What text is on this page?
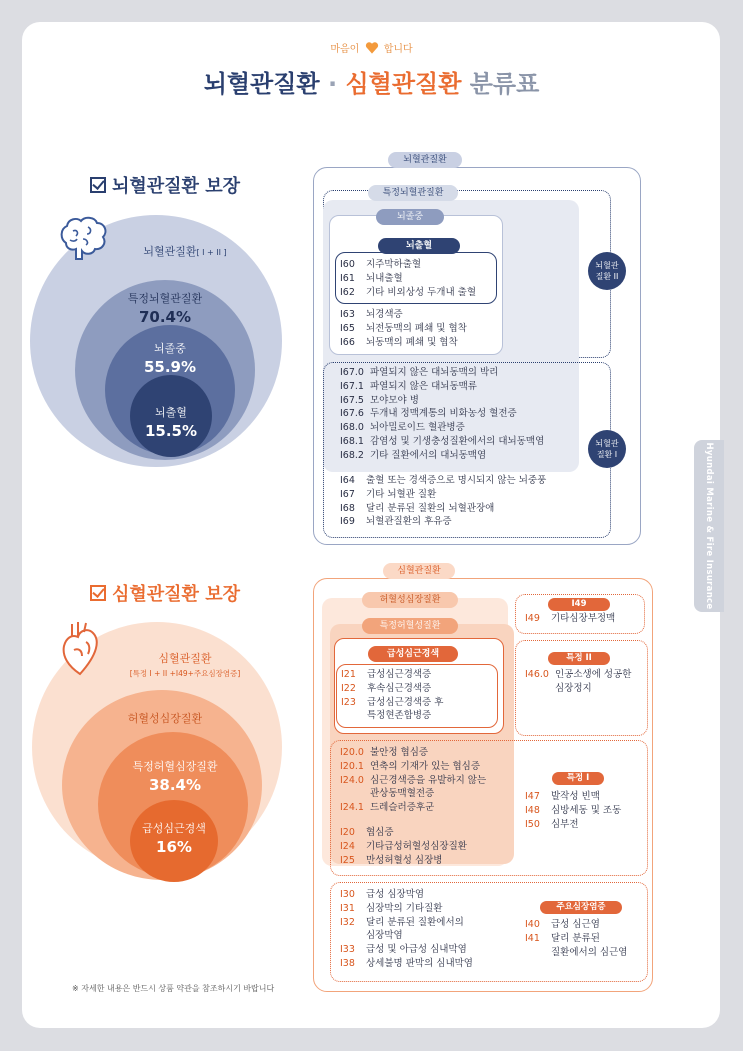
Hyundai Marine & Fire Insurance
마음이 합니다
뇌혈관질환 · 심혈관질환 분류표
뇌혈관질환 보장
뇌혈관질환[ I + II ]
특정뇌혈관질환
70.4%
뇌졸중
55.9%
뇌출혈
15.5%
뇌혈관질환
특정뇌혈관질환
뇌졸중
뇌출혈
I60 지주막하출혈
I61 뇌내출혈
I62 기타 비외상성 두개내 출혈
I63 뇌경색증
I65 뇌전동맥의 폐쇄 및 협착
I66 뇌동맥의 폐쇄 및 협착
뇌혈관
질환 II
I67.0 파열되지 않은 대뇌동맥의 박리
I67.1 파열되지 않은 대뇌동맥류
I67.5 모야모야 병
I67.6 두개내 정맥계통의 비화농성 혈전증
I68.0 뇌아밀로이드 혈관병증
I68.1 감염성 및 기생충성질환에서의 대뇌동맥염
I68.2 기타 질환에서의 대뇌동맥염
I64 출혈 또는 경색증으로 명시되지 않는 뇌중풍
I67 기타 뇌혈관 질환
I68 달리 분류된 질환의 뇌혈관장애
I69 뇌혈관질환의 후유증
뇌혈관
질환 I
심혈관질환 보장
심혈관질환
[특정 I + II +I49+주요심장염증]
허혈성심장질환
특정허혈심장질환
38.4%
급성심근경색
16%
심혈관질환
허혈성심장질환
특정허혈성질환
급성심근경색
I21 급성심근경색증
I22 후속심근경색증
I23 급성심근경색증 후
특정현존합병증
I20.0 불안정 협심증
I20.1 연축의 기재가 있는 협심증
I24.0 심근경색증을 유발하지 않는
관상동맥혈전증
I24.1 드레슬러증후군
I20 협심증
I24 기타급성허혈성심장질환
I25 만성허혈성 심장병
I49
I49 기타심장부정맥
특정 II
I46.0 인공소생에 성공한
심장정지
특정 I
I47 발작성 빈맥
I48 심방세동 및 조동
I50 심부전
I30 급성 심장막염
I31 심장막의 기타질환
I32 달리 분류된 질환에서의
심장막염
I33 급성 및 아급성 심내막염
I38 상세불명 판막의 심내막염
주요심장염증
I40 급성 심근염
I41 달리 분류된
질환에서의 심근염
※ 자세한 내용은 반드시 상품 약관을 참조하시기 바랍니다
